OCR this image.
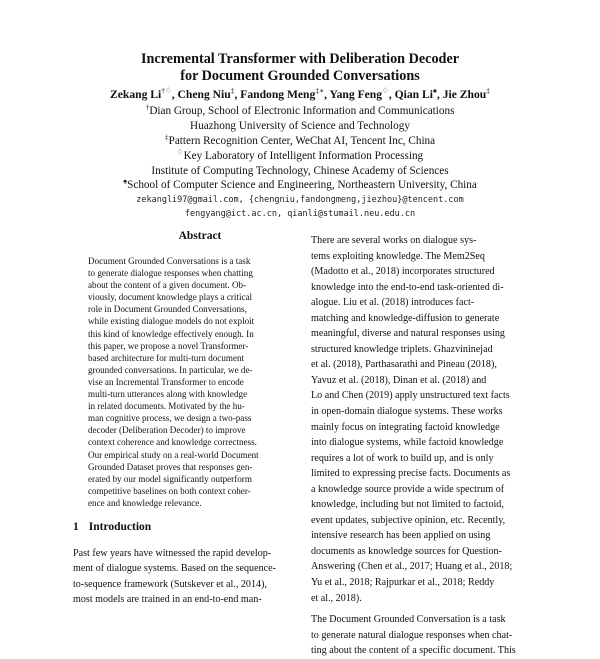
Incremental Transformer with Deliberation Decoder
for Document Grounded Conversations
Zekang Li†♢, Cheng Niu‡, Fandong Meng‡∗, Yang Feng♢, Qian Li♠, Jie Zhou‡
†Dian Group, School of Electronic Information and Communications
Huazhong University of Science and Technology
‡Pattern Recognition Center, WeChat AI, Tencent Inc, China
♢Key Laboratory of Intelligent Information Processing
Institute of Computing Technology, Chinese Academy of Sciences
♠School of Computer Science and Engineering, Northeastern University, China
zekangli97@gmail.com, {chengniu,fandongmeng,jiezhou}@tencent.com
fengyang@ict.ac.cn, qianli@stumail.neu.edu.cn
Abstract
Document Grounded Conversations is a task
to generate dialogue responses when chatting
about the content of a given document. Ob-
viously, document knowledge plays a critical
role in Document Grounded Conversations,
while existing dialogue models do not exploit
this kind of knowledge effectively enough. In
this paper, we propose a novel Transformer-
based architecture for multi-turn document
grounded conversations. In particular, we de-
vise an Incremental Transformer to encode
multi-turn utterances along with knowledge
in related documents. Motivated by the hu-
man cognitive process, we design a two-pass
decoder (Deliberation Decoder) to improve
context coherence and knowledge correctness.
Our empirical study on a real-world Document
Grounded Dataset proves that responses gen-
erated by our model significantly outperform
competitive baselines on both context coher-
ence and knowledge relevance.
1 Introduction
Past few years have witnessed the rapid develop-
ment of dialogue systems. Based on the sequence-
to-sequence framework (Sutskever et al., 2014),
most models are trained in an end-to-end man-
There are several works on dialogue sys-
tems exploiting knowledge. The Mem2Seq
(Madotto et al., 2018) incorporates structured
knowledge into the end-to-end task-oriented di-
alogue. Liu et al. (2018) introduces fact-
matching and knowledge-diffusion to generate
meaningful, diverse and natural responses using
structured knowledge triplets. Ghazvininejad
et al. (2018), Parthasarathi and Pineau (2018),
Yavuz et al. (2018), Dinan et al. (2018) and
Lo and Chen (2019) apply unstructured text facts
in open-domain dialogue systems. These works
mainly focus on integrating factoid knowledge
into dialogue systems, while factoid knowledge
requires a lot of work to build up, and is only
limited to expressing precise facts. Documents as
a knowledge source provide a wide spectrum of
knowledge, including but not limited to factoid,
event updates, subjective opinion, etc. Recently,
intensive research has been applied on using
documents as knowledge sources for Question-
Answering (Chen et al., 2017; Huang et al., 2018;
Yu et al., 2018; Rajpurkar et al., 2018; Reddy
et al., 2018).
The Document Grounded Conversation is a task
to generate natural dialogue responses when chat-
ting about the content of a specific document. This
